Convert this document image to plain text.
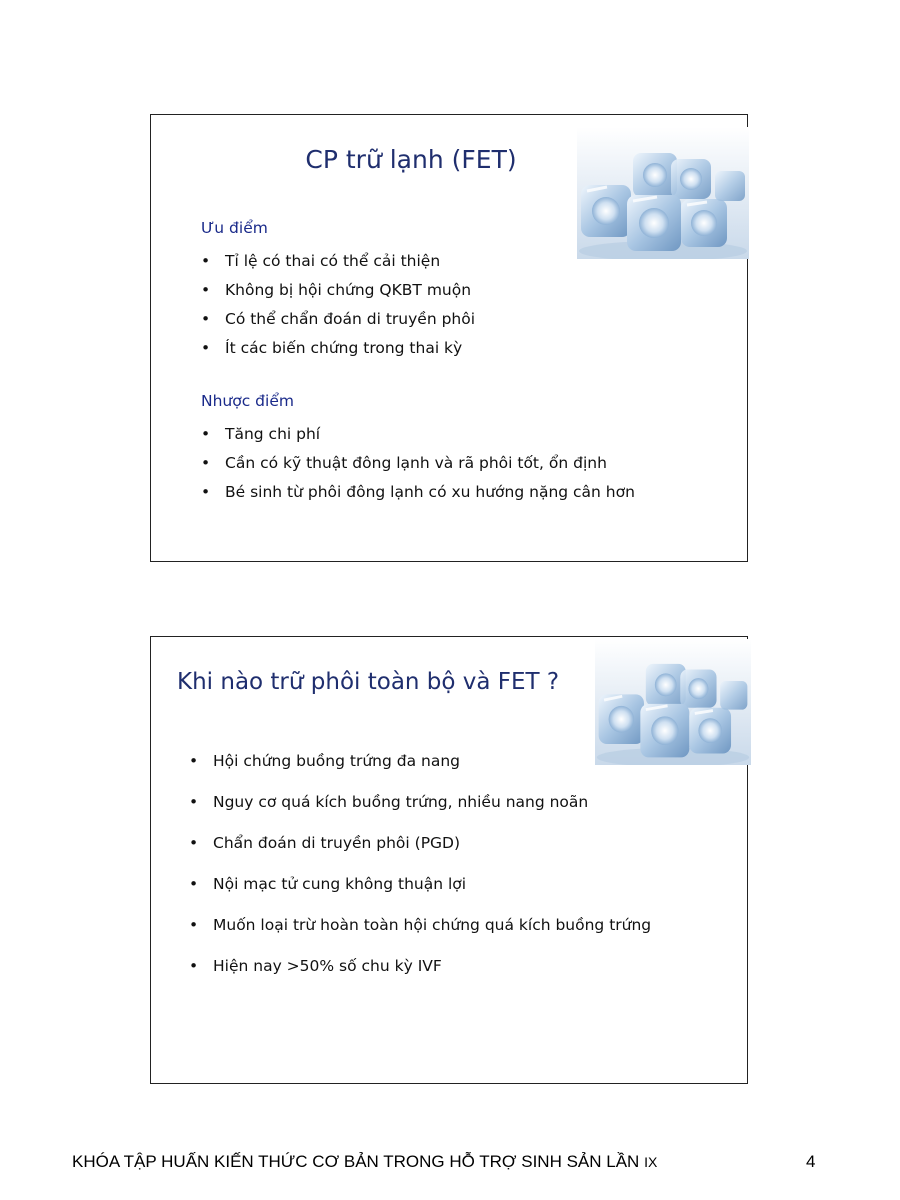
CP trữ lạnh (FET)
Ưu điểm
• Tỉ lệ có thai có thể cải thiện
• Không bị hội chứng QKBT muộn
• Có thể chẩn đoán di truyền phôi
• Ít các biến chứng trong thai kỳ
Nhược điểm
• Tăng chi phí
• Cần có kỹ thuật đông lạnh và rã phôi tốt, ổn định
• Bé sinh từ phôi đông lạnh có xu hướng nặng cân hơn
Khi nào trữ phôi toàn bộ và FET ?
• Hội chứng buồng trứng đa nang
• Nguy cơ quá kích buồng trứng, nhiều nang noãn
• Chẩn đoán di truyền phôi (PGD)
• Nội mạc tử cung không thuận lợi
• Muốn loại trừ hoàn toàn hội chứng quá kích buồng trứng
• Hiện nay >50% số chu kỳ IVF
KHÓA TẬP HUẤN KIẾN THỨC CƠ BẢN TRONG HỖ TRỢ SINH SẢN LẦN IX	4
